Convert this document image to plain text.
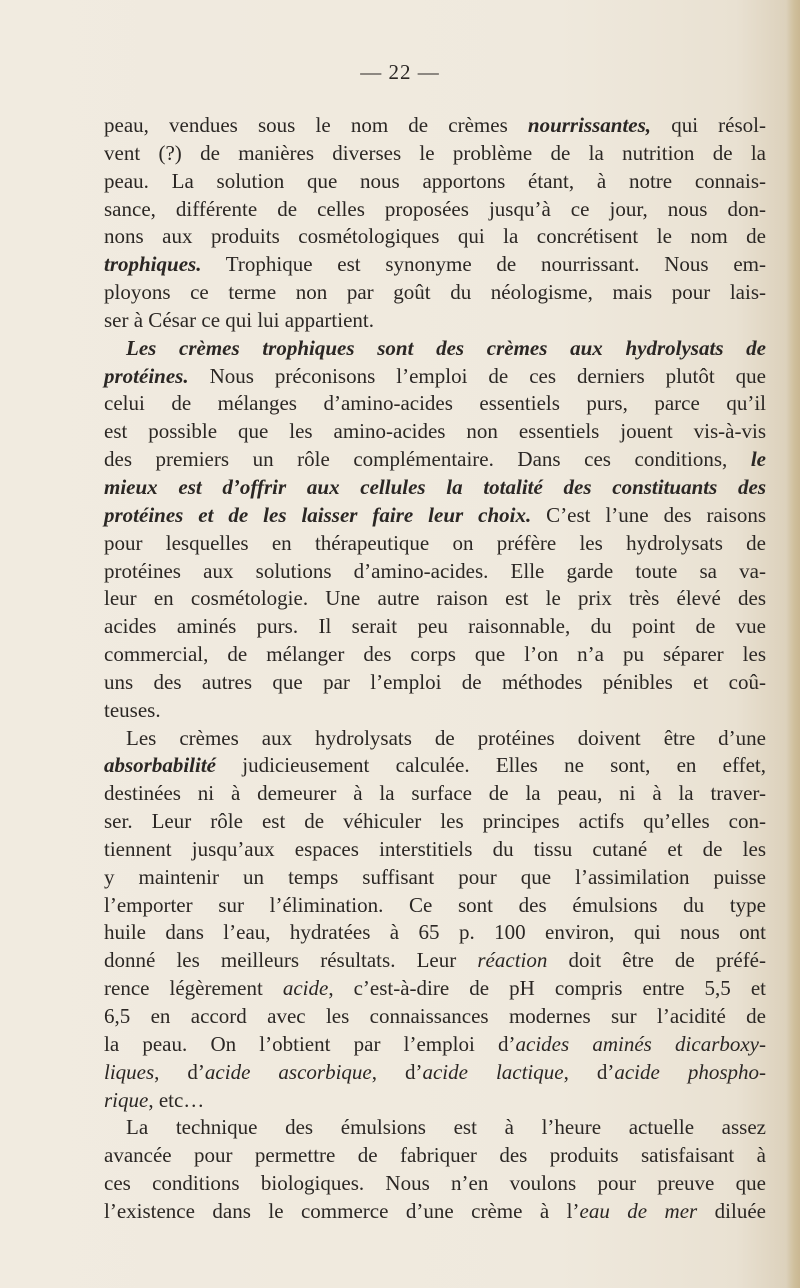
— 22 —
peau, vendues sous le nom de crèmes nourrissantes, qui résol-
vent (?) de manières diverses le problème de la nutrition de la
peau. La solution que nous apportons étant, à notre connais-
sance, différente de celles proposées jusqu’à ce jour, nous don-
nons aux produits cosmétologiques qui la concrétisent le nom de
trophiques. Trophique est synonyme de nourrissant. Nous em-
ployons ce terme non par goût du néologisme, mais pour lais-
ser à César ce qui lui appartient.
Les crèmes trophiques sont des crèmes aux hydrolysats de
protéines. Nous préconisons l’emploi de ces derniers plutôt que
celui de mélanges d’amino-acides essentiels purs, parce qu’il
est possible que les amino-acides non essentiels jouent vis-à-vis
des premiers un rôle complémentaire. Dans ces conditions, le
mieux est d’offrir aux cellules la totalité des constituants des
protéines et de les laisser faire leur choix. C’est l’une des raisons
pour lesquelles en thérapeutique on préfère les hydrolysats de
protéines aux solutions d’amino-acides. Elle garde toute sa va-
leur en cosmétologie. Une autre raison est le prix très élevé des
acides aminés purs. Il serait peu raisonnable, du point de vue
commercial, de mélanger des corps que l’on n’a pu séparer les
uns des autres que par l’emploi de méthodes pénibles et coû-
teuses.
Les crèmes aux hydrolysats de protéines doivent être d’une
absorbabilité judicieusement calculée. Elles ne sont, en effet,
destinées ni à demeurer à la surface de la peau, ni à la traver-
ser. Leur rôle est de véhiculer les principes actifs qu’elles con-
tiennent jusqu’aux espaces interstitiels du tissu cutané et de les
y maintenir un temps suffisant pour que l’assimilation puisse
l’emporter sur l’élimination. Ce sont des émulsions du type
huile dans l’eau, hydratées à 65 p. 100 environ, qui nous ont
donné les meilleurs résultats. Leur réaction doit être de préfé-
rence légèrement acide, c’est-à-dire de pH compris entre 5,5 et
6,5 en accord avec les connaissances modernes sur l’acidité de
la peau. On l’obtient par l’emploi d’acides aminés dicarboxy-
liques, d’acide ascorbique, d’acide lactique, d’acide phospho-
rique, etc…
La technique des émulsions est à l’heure actuelle assez
avancée pour permettre de fabriquer des produits satisfaisant à
ces conditions biologiques. Nous n’en voulons pour preuve que
l’existence dans le commerce d’une crème à l’eau de mer diluée
